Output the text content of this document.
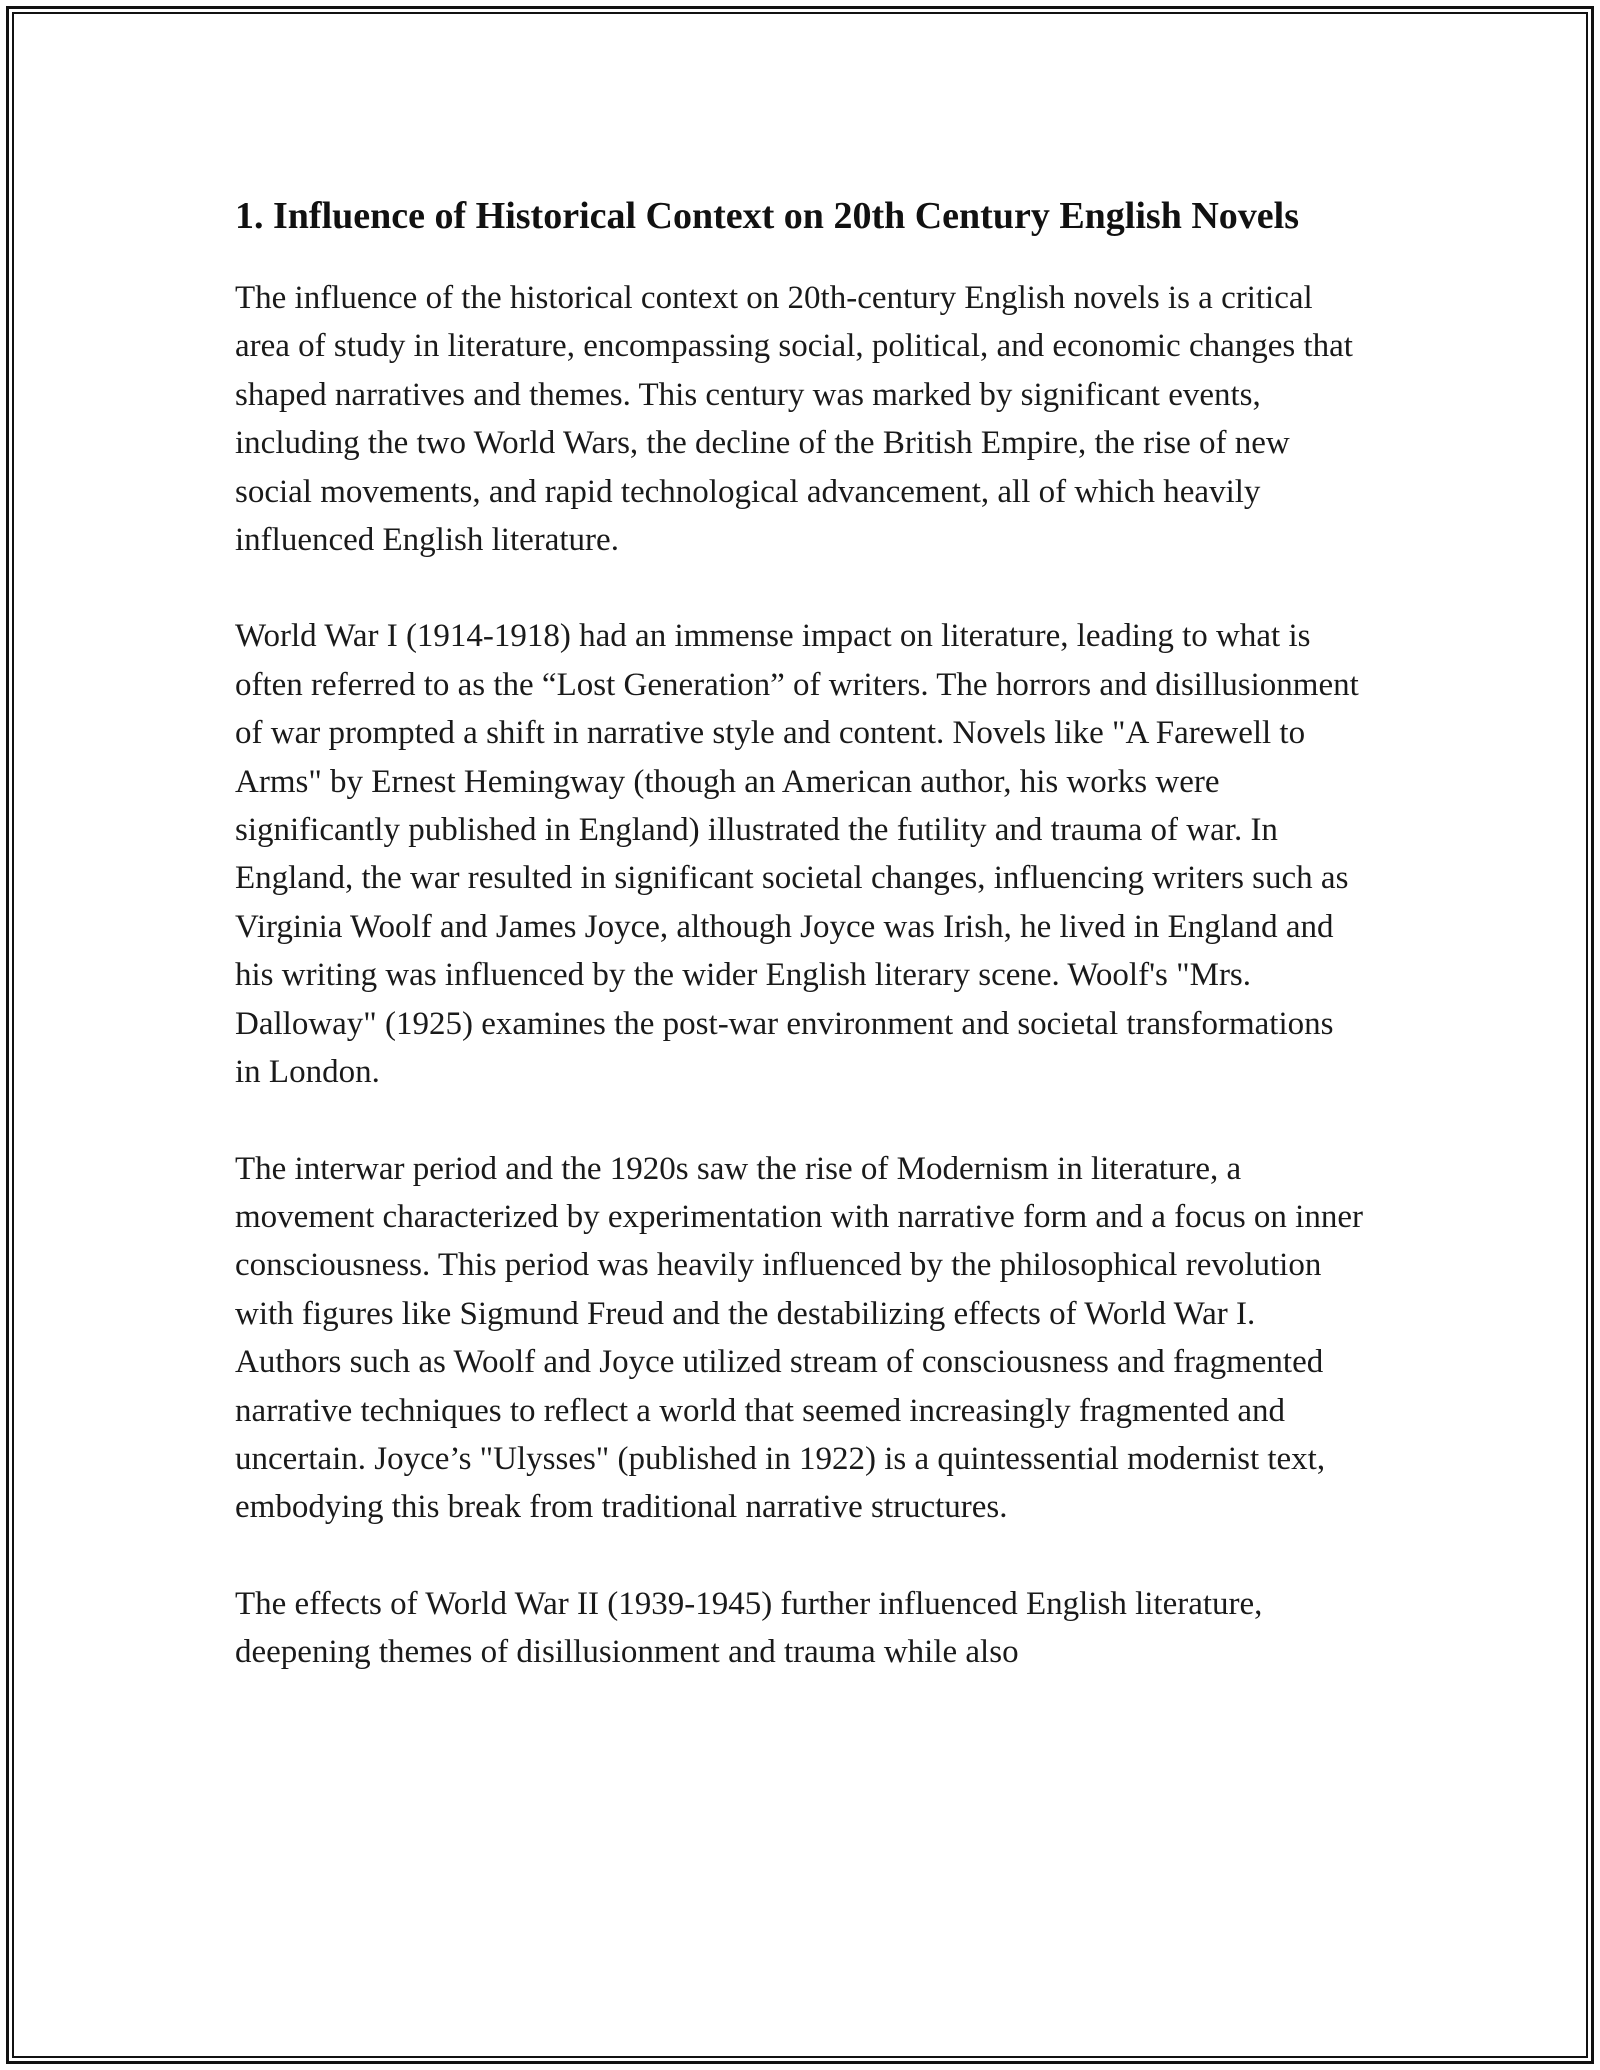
1. Influence of Historical Context on 20th Century English Novels

The influence of the historical context on 20th-century English novels is a critical area of study in literature, encompassing social, political, and economic changes that shaped narratives and themes. This century was marked by significant events, including the two World Wars, the decline of the British Empire, the rise of new social movements, and rapid technological advancement, all of which heavily influenced English literature.

World War I (1914-1918) had an immense impact on literature, leading to what is often referred to as the “Lost Generation” of writers. The horrors and disillusionment of war prompted a shift in narrative style and content. Novels like "A Farewell to Arms" by Ernest Hemingway (though an American author, his works were significantly published in England) illustrated the futility and trauma of war. In England, the war resulted in significant societal changes, influencing writers such as Virginia Woolf and James Joyce, although Joyce was Irish, he lived in England and his writing was influenced by the wider English literary scene. Woolf's "Mrs. Dalloway" (1925) examines the post-war environment and societal transformations in London.

The interwar period and the 1920s saw the rise of Modernism in literature, a movement characterized by experimentation with narrative form and a focus on inner consciousness. This period was heavily influenced by the philosophical revolution with figures like Sigmund Freud and the destabilizing effects of World War I. Authors such as Woolf and Joyce utilized stream of consciousness and fragmented narrative techniques to reflect a world that seemed increasingly fragmented and uncertain. Joyce’s "Ulysses" (published in 1922) is a quintessential modernist text, embodying this break from traditional narrative structures.

The effects of World War II (1939-1945) further influenced English literature, deepening themes of disillusionment and trauma while also
